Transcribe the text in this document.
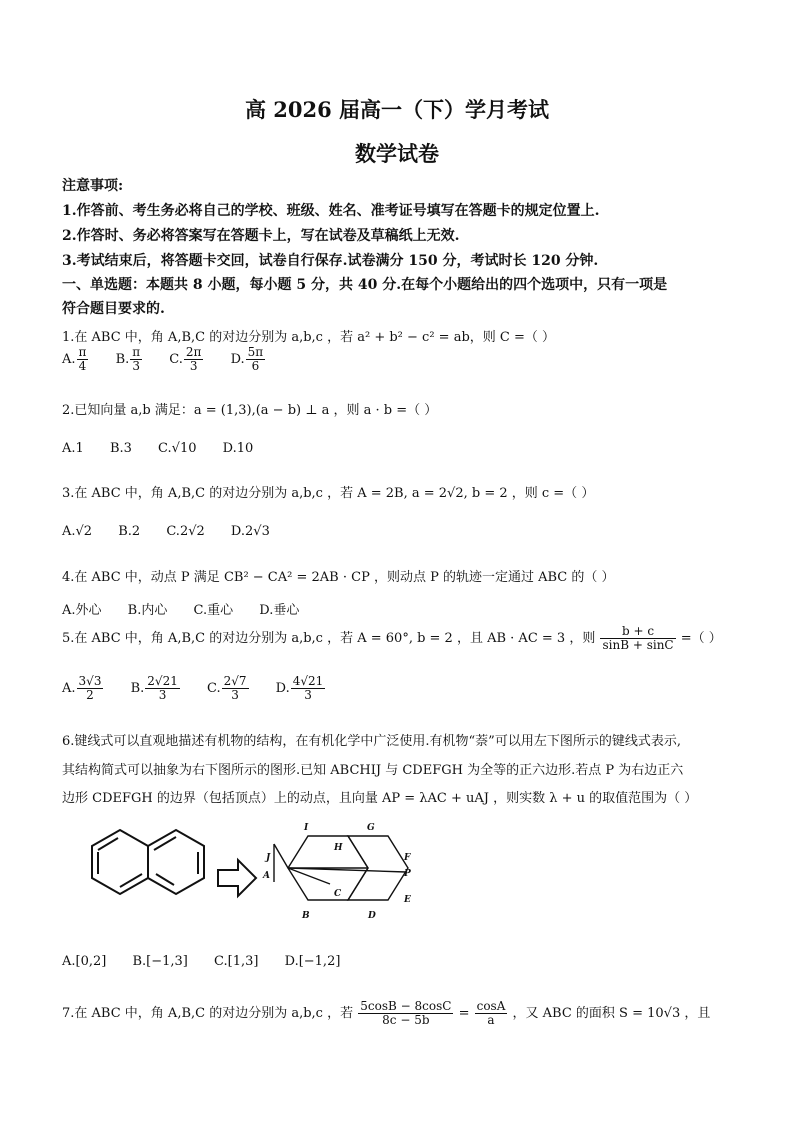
高 2026 届高一（下）学月考试
数学试卷
注意事项:
1.作答前、考生务必将自己的学校、班级、姓名、准考证号填写在答题卡的规定位置上.
2.作答时、务必将答案写在答题卡上，写在试卷及草稿纸上无效.
3.考试结束后，将答题卡交回，试卷自行保存.试卷满分 150 分，考试时长 120 分钟.
一、单选题：本题共 8 小题，每小题 5 分，共 40 分.在每个小题给出的四个选项中，只有一项是
符合题目要求的.
1.在 ABC 中，角 A,B,C 的对边分别为 a,b,c ，若 a² + b² − c² = ab，则 C =（ ）
A. $\frac{\pi}{4} B$. $\frac{\pi}{3} C$. $\frac{2\pi}{3} D$. $\frac{5\pi}{6}$
2.已知向量 a,b 满足：a = (1,3),(a − b) ⊥ a ，则 a · b =（ ）
A.1 B.3 C.√10 D.10
3.在 ABC 中，角 A,B,C 的对边分别为 a,b,c ，若 A = 2B, a = 2√2, b = 2 ，则 c =（ ）
A.√2 B.2 C.2√2 D.2√3
4.在 ABC 中，动点 P 满足 CB² − CA² = 2AB · CP ，则动点 P 的轨迹一定通过 ABC 的（ ）
A.外心 B.内心 C.重心 D.垂心
5.在 ABC 中，角 A,B,C 的对边分别为 a,b,c ，若 A = 60°, b = 2 ，且 AB · AC = 3 ，则 $\frac{b + c}{\sin B + \sin C}$ =（ ）
A. $\frac{3√3}{2} B$. $\frac{2√21}{3} C$. $\frac{2√7}{3} D$. $\frac{4√21}{3}$
6.键线式可以直观地描述有机物的结构，在有机化学中广泛使用.有机物“萘”可以用左下图所示的键线式表示,
其结构简式可以抽象为右下图所示的图形.已知 ABCHIJ 与 CDEFGH 为全等的正六边形.若点 P 为右边正六
边形 CDEFGH 的边界（包括顶点）上的动点，且向量 AP = λAC + uAJ ，则实数 λ + u 的取值范围为（ ）
I	G
H
F
J
P
A
C
E
B	D
A.[0,2] B.[−1,3] C.[1,3] D.[−1,2]
7.在 ABC 中，角 A,B,C 的对边分别为 a,b,c ，若 $\frac{5\cos B - 8\cos C}{8c - 5b} = \frac{\cos A}{a}$ ，又 ABC 的面积 S = 10√3 ，且
